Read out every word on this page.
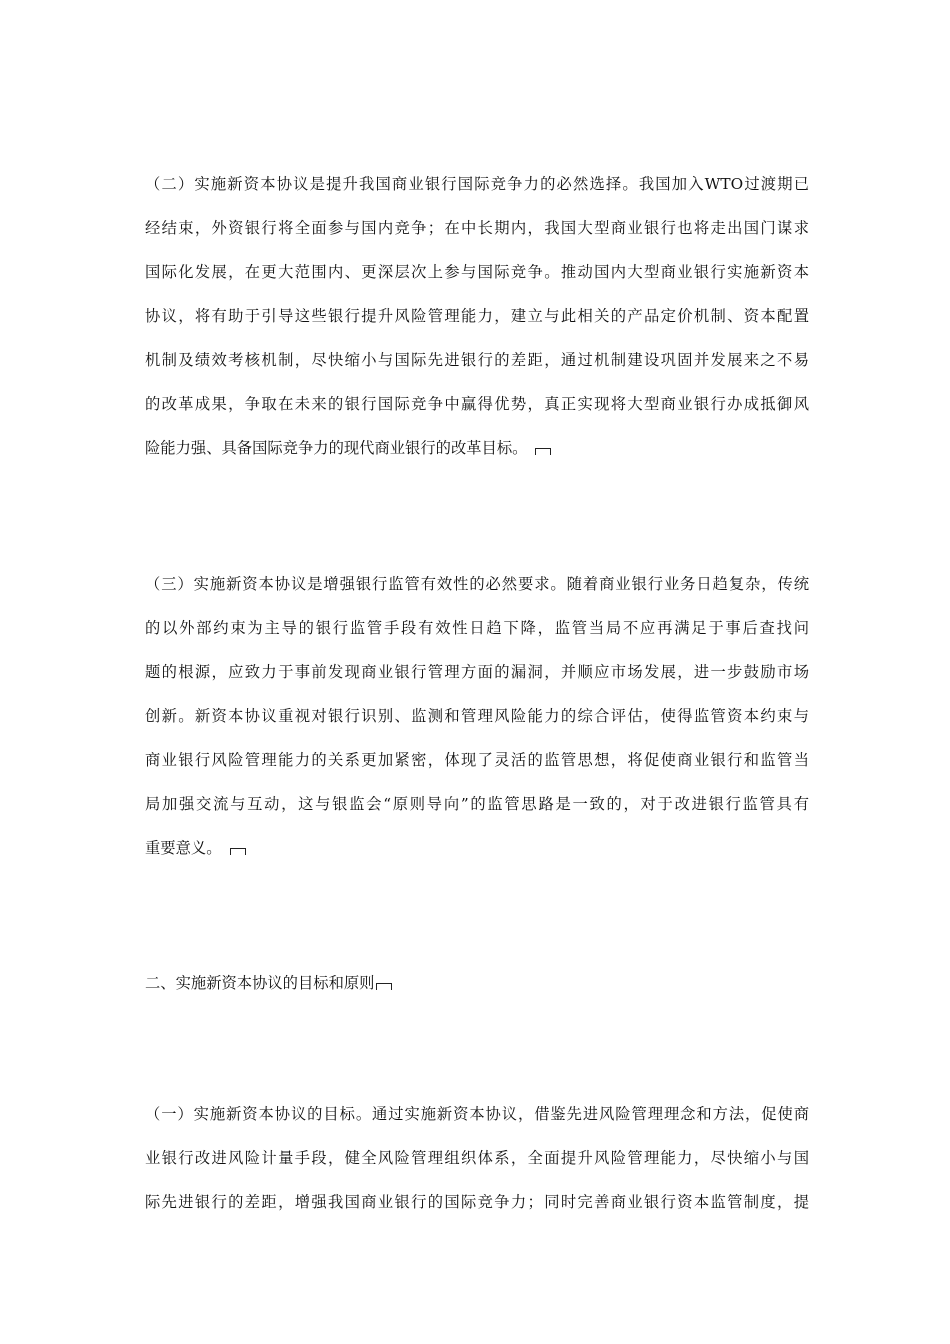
（二）实施新资本协议是提升我国商业银行国际竞争力的必然选择。我国加入WTO过渡期已
经结束，外资银行将全面参与国内竞争；在中长期内，我国大型商业银行也将走出国门谋求
国际化发展，在更大范围内、更深层次上参与国际竞争。推动国内大型商业银行实施新资本
协议，将有助于引导这些银行提升风险管理能力，建立与此相关的产品定价机制、资本配置
机制及绩效考核机制，尽快缩小与国际先进银行的差距，通过机制建设巩固并发展来之不易
的改革成果，争取在未来的银行国际竞争中赢得优势，真正实现将大型商业银行办成抵御风
险能力强、具备国际竞争力的现代商业银行的改革目标。
（三）实施新资本协议是增强银行监管有效性的必然要求。随着商业银行业务日趋复杂，传统
的以外部约束为主导的银行监管手段有效性日趋下降，监管当局不应再满足于事后查找问
题的根源，应致力于事前发现商业银行管理方面的漏洞，并顺应市场发展，进一步鼓励市场
创新。新资本协议重视对银行识别、监测和管理风险能力的综合评估，使得监管资本约束与
商业银行风险管理能力的关系更加紧密，体现了灵活的监管思想，将促使商业银行和监管当
局加强交流与互动，这与银监会“原则导向”的监管思路是一致的，对于改进银行监管具有
重要意义。
二、实施新资本协议的目标和原则
（一）实施新资本协议的目标。通过实施新资本协议，借鉴先进风险管理理念和方法，促使商
业银行改进风险计量手段，健全风险管理组织体系，全面提升风险管理能力，尽快缩小与国
际先进银行的差距，增强我国商业银行的国际竞争力；同时完善商业银行资本监管制度，提
